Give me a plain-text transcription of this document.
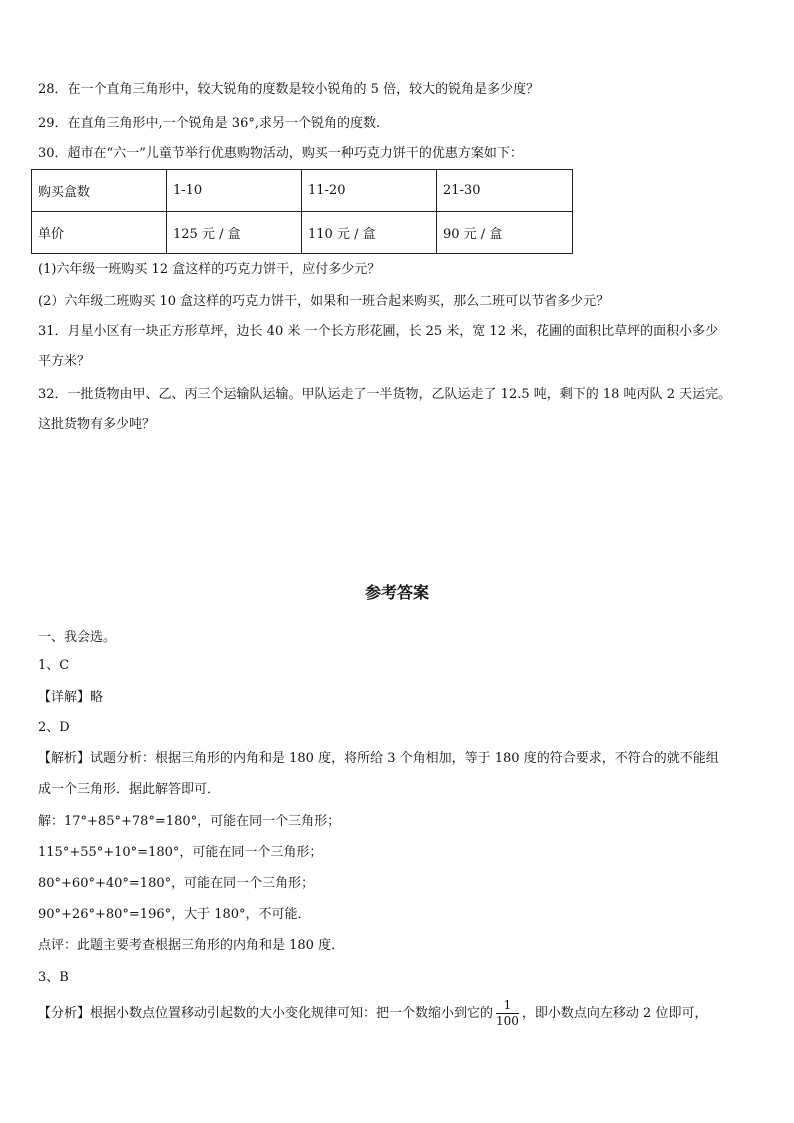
28．在一个直角三角形中，较大锐角的度数是较小锐角的 5 倍，较大的锐角是多少度？
29．在直角三角形中,一个锐角是 36°,求另一个锐角的度数.
30．超市在“六一”儿童节举行优惠购物活动，购买一种巧克力饼干的优惠方案如下：
购买盒数	1-10	11-20	21-30
单价	125 元 / 盒	110 元 / 盒	90 元 / 盒
(1)六年级一班购买 12 盒这样的巧克力饼干，应付多少元？
(2）六年级二班购买 10 盒这样的巧克力饼干，如果和一班合起来购买，那么二班可以节省多少元？
31．月星小区有一块正方形草坪，边长 40 米 一个长方形花圃，长 25 米，宽 12 米，花圃的面积比草坪的面积小多少
平方米？
32．一批货物由甲、乙、丙三个运输队运输。甲队运走了一半货物，乙队运走了 12.5 吨，剩下的 18 吨丙队 2 天运完。
这批货物有多少吨？
参考答案
一、我会选。
1、C
【详解】略
2、D
【解析】试题分析：根据三角形的内角和是 180 度，将所给 3 个角相加，等于 180 度的符合要求，不符合的就不能组
成一个三角形．据此解答即可．
解：17°+85°+78°=180°，可能在同一个三角形；
115°+55°+10°=180°，可能在同一个三角形；
80°+60°+40°=180°，可能在同一个三角形；
90°+26°+80°=196°，大于 180°，不可能．
点评：此题主要考查根据三角形的内角和是 180 度．
3、B
【分析】根据小数点位置移动引起数的大小变化规律可知：把一个数缩小到它的 $\frac{1}{100}$ ，即小数点向左移动 2 位即可，
